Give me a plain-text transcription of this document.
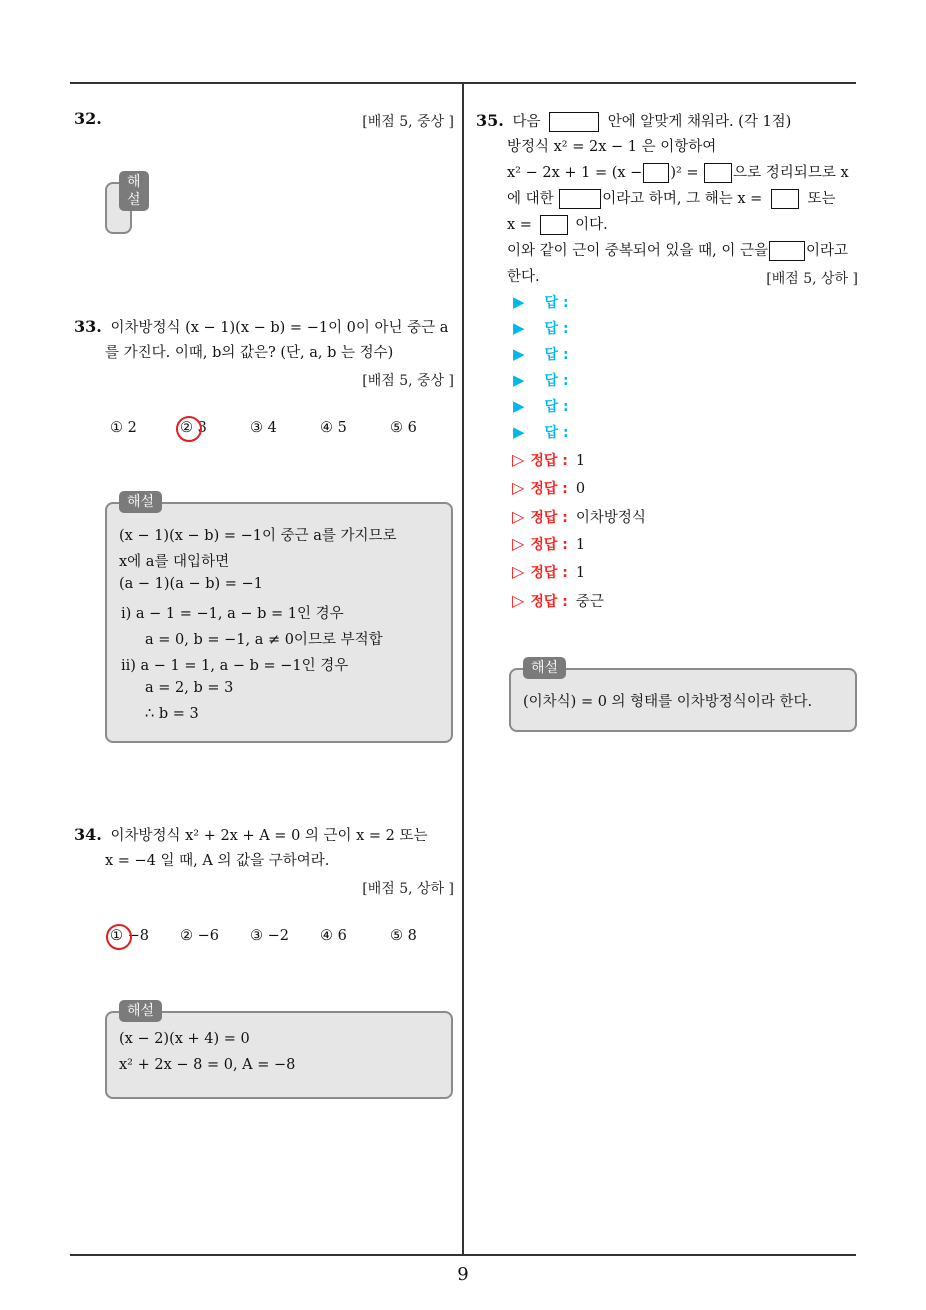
32.	[배점 5, 중상 ]
해설
33. 이차방정식 (x − 1)(x − b) = −1이 0이 아닌 중근 a
를 가진다. 이때, b의 값은? (단, a, b 는 정수)
[배점 5, 중상 ]
① 2	② 3	③ 4	④ 5	⑤ 6
해설
(x − 1)(x − b) = −1이 중근 a를 가지므로
x에 a를 대입하면
(a − 1)(a − b) = −1
ⅰ) a − 1 = −1, a − b = 1인 경우
a = 0, b = −1, a ≠ 0이므로 부적합
ⅱ) a − 1 = 1, a − b = −1인 경우
a = 2, b = 3
∴ b = 3
34. 이차방정식 x² + 2x + A = 0 의 근이 x = 2 또는
x = −4 일 때, A 의 값을 구하여라.
[배점 5, 상하 ]
① −8 ② −6 ③ −2 ④ 6	⑤ 8
해설
(x − 2)(x + 4) = 0
x² + 2x − 8 = 0, A = −8
35. 다음	안에 알맞게 채워라. (각 1점)
방정식 x² = 2x − 1 은 이항하여
x² − 2x + 1 = (x − )² = 으로 정리되므로 x
에 대한	이라고 하며, 그 해는 x =	또는
x =	이다.
이와 같이 근이 중복되어 있을 때, 이 근을	이라고
한다.	[배점 5, 상하 ]
▶ 답 :
▶ 답 :
▶ 답 :
▶ 답 :
▶ 답 :
▶ 답 :
▷ 정답 : 1
▷ 정답 : 0
▷ 정답 : 이차방정식
▷ 정답 : 1
▷ 정답 : 1
▷ 정답 : 중근
해설
(이차식) = 0 의 형태를 이차방정식이라 한다.
9
